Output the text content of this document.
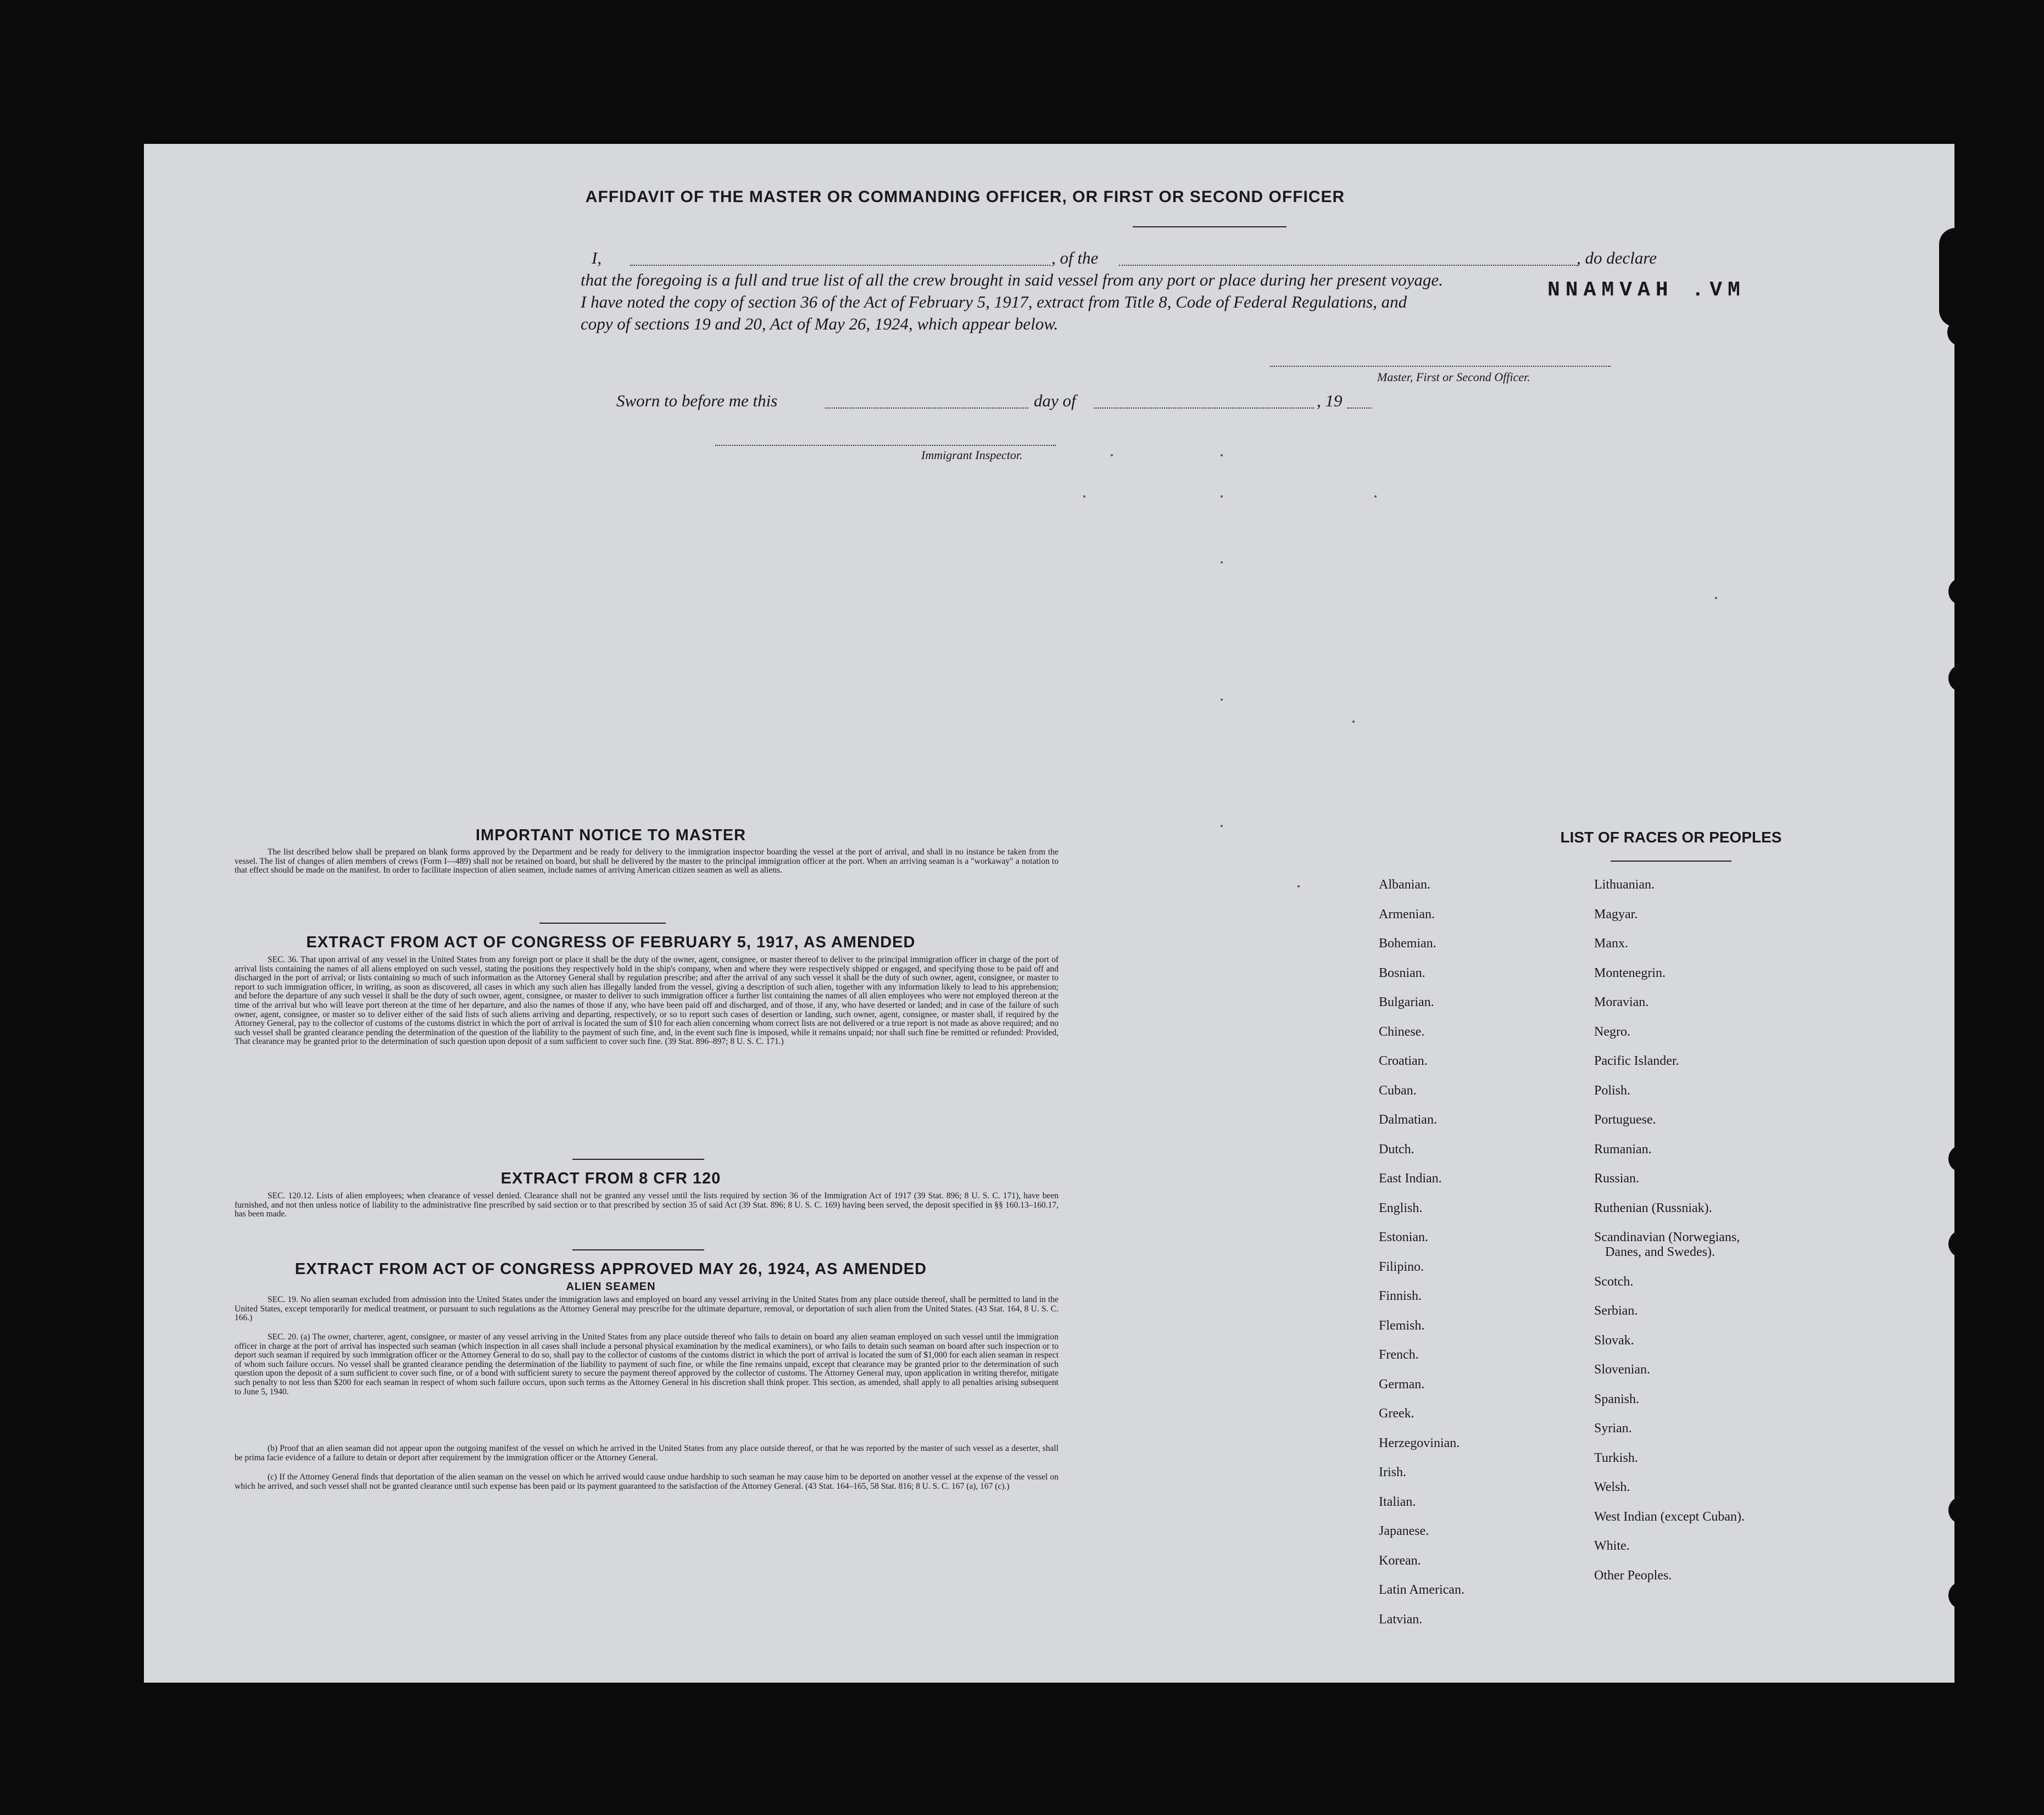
AFFIDAVIT OF THE MASTER OR COMMANDING OFFICER, OR FIRST OR SECOND OFFICER
I,	, of the	, do declare
that the foregoing is a full and true list of all the crew brought in said vessel from any port or place during her present voyage.
I have noted the copy of section 36 of the Act of February 5, 1917, extract from Title 8, Code of Federal Regulations, and
copy of sections 19 and 20, Act of May 26, 1924, which appear below.
NNAMVAH .VM
Master, First or Second Officer.
Sworn to before me this	day of	, 19
Immigrant Inspector.
IMPORTANT NOTICE TO MASTER
The list described below shall be prepared on blank forms approved by the Department and be ready for delivery to the immigration inspector boarding the vessel at the port of arrival, and shall in no instance be taken from the vessel. The list of changes of alien members of crews (Form I—489) shall not be retained on board, but shall be delivered by the master to the principal immigration officer at the port. When an arriving seaman is a "workaway" a notation to that effect should be made on the manifest. In order to facilitate inspection of alien seamen, include names of arriving American citizen seamen as well as aliens.
EXTRACT FROM ACT OF CONGRESS OF FEBRUARY 5, 1917, AS AMENDED
SEC. 36. That upon arrival of any vessel in the United States from any foreign port or place it shall be the duty of the owner, agent, consignee, or master thereof to deliver to the principal immigration officer in charge of the port of arrival lists containing the names of all aliens employed on such vessel, stating the positions they respectively hold in the ship's company, when and where they were respectively shipped or engaged, and specifying those to be paid off and discharged in the port of arrival; or lists containing so much of such information as the Attorney General shall by regulation prescribe; and after the arrival of any such vessel it shall be the duty of such owner, agent, consignee, or master to report to such immigration officer, in writing, as soon as discovered, all cases in which any such alien has illegally landed from the vessel, giving a description of such alien, together with any information likely to lead to his apprehension; and before the departure of any such vessel it shall be the duty of such owner, agent, consignee, or master to deliver to such immigration officer a further list containing the names of all alien employees who were not employed thereon at the time of the arrival but who will leave port thereon at the time of her departure, and also the names of those if any, who have been paid off and discharged, and of those, if any, who have deserted or landed; and in case of the failure of such owner, agent, consignee, or master so to deliver either of the said lists of such aliens arriving and departing, respectively, or so to report such cases of desertion or landing, such owner, agent, consignee, or master shall, if required by the Attorney General, pay to the collector of customs of the customs district in which the port of arrival is located the sum of $10 for each alien concerning whom correct lists are not delivered or a true report is not made as above required; and no such vessel shall be granted clearance pending the determination of the question of the liability to the payment of such fine, and, in the event such fine is imposed, while it remains unpaid; nor shall such fine be remitted or refunded: Provided, That clearance may be granted prior to the determination of such question upon deposit of a sum sufficient to cover such fine. (39 Stat. 896–897; 8 U. S. C. 171.)
EXTRACT FROM 8 CFR 120
SEC. 120.12. Lists of alien employees; when clearance of vessel denied. Clearance shall not be granted any vessel until the lists required by section 36 of the Immigration Act of 1917 (39 Stat. 896; 8 U. S. C. 171), have been furnished, and not then unless notice of liability to the administrative fine prescribed by said section or to that prescribed by section 35 of said Act (39 Stat. 896; 8 U. S. C. 169) having been served, the deposit specified in §§ 160.13–160.17, has been made.
EXTRACT FROM ACT OF CONGRESS APPROVED MAY 26, 1924, AS AMENDED
ALIEN SEAMEN
SEC. 19. No alien seaman excluded from admission into the United States under the immigration laws and employed on board any vessel arriving in the United States from any place outside thereof, shall be permitted to land in the United States, except temporarily for medical treatment, or pursuant to such regulations as the Attorney General may prescribe for the ultimate departure, removal, or deportation of such alien from the United States. (43 Stat. 164, 8 U. S. C. 166.)
SEC. 20. (a) The owner, charterer, agent, consignee, or master of any vessel arriving in the United States from any place outside thereof who fails to detain on board any alien seaman employed on such vessel until the immigration officer in charge at the port of arrival has inspected such seaman (which inspection in all cases shall include a personal physical examination by the medical examiners), or who fails to detain such seaman on board after such inspection or to deport such seaman if required by such immigration officer or the Attorney General to do so, shall pay to the collector of customs of the customs district in which the port of arrival is located the sum of $1,000 for each alien seaman in respect of whom such failure occurs. No vessel shall be granted clearance pending the determination of the liability to payment of such fine, or while the fine remains unpaid, except that clearance may be granted prior to the determination of such question upon the deposit of a sum sufficient to cover such fine, or of a bond with sufficient surety to secure the payment thereof approved by the collector of customs. The Attorney General may, upon application in writing therefor, mitigate such penalty to not less than $200 for each seaman in respect of whom such failure occurs, upon such terms as the Attorney General in his discretion shall think proper. This section, as amended, shall apply to all penalties arising subsequent to June 5, 1940.
(b) Proof that an alien seaman did not appear upon the outgoing manifest of the vessel on which he arrived in the United States from any place outside thereof, or that he was reported by the master of such vessel as a deserter, shall be prima facie evidence of a failure to detain or deport after requirement by the immigration officer or the Attorney General.
(c) If the Attorney General finds that deportation of the alien seaman on the vessel on which he arrived would cause undue hardship to such seaman he may cause him to be deported on another vessel at the expense of the vessel on which he arrived, and such vessel shall not be granted clearance until such expense has been paid or its payment guaranteed to the satisfaction of the Attorney General. (43 Stat. 164–165, 58 Stat. 816; 8 U. S. C. 167 (a), 167 (c).)
LIST OF RACES OR PEOPLES
Albanian.
Armenian.
Bohemian.
Bosnian.
Bulgarian.
Chinese.
Croatian.
Cuban.
Dalmatian.
Dutch.
East Indian.
English.
Estonian.
Filipino.
Finnish.
Flemish.
French.
German.
Greek.
Herzegovinian.
Irish.
Italian.
Japanese.
Korean.
Latin American.
Latvian.
Lithuanian.
Magyar.
Manx.
Montenegrin.
Moravian.
Negro.
Pacific Islander.
Polish.
Portuguese.
Rumanian.
Russian.
Ruthenian (Russniak).
Scandinavian (Norwegians,
Scotch.
Serbian.
Slovak.
Slovenian.
Spanish.
Syrian.
Turkish.
Welsh.
West Indian (except Cuban).
White.
Other Peoples.
Danes, and Swedes).
